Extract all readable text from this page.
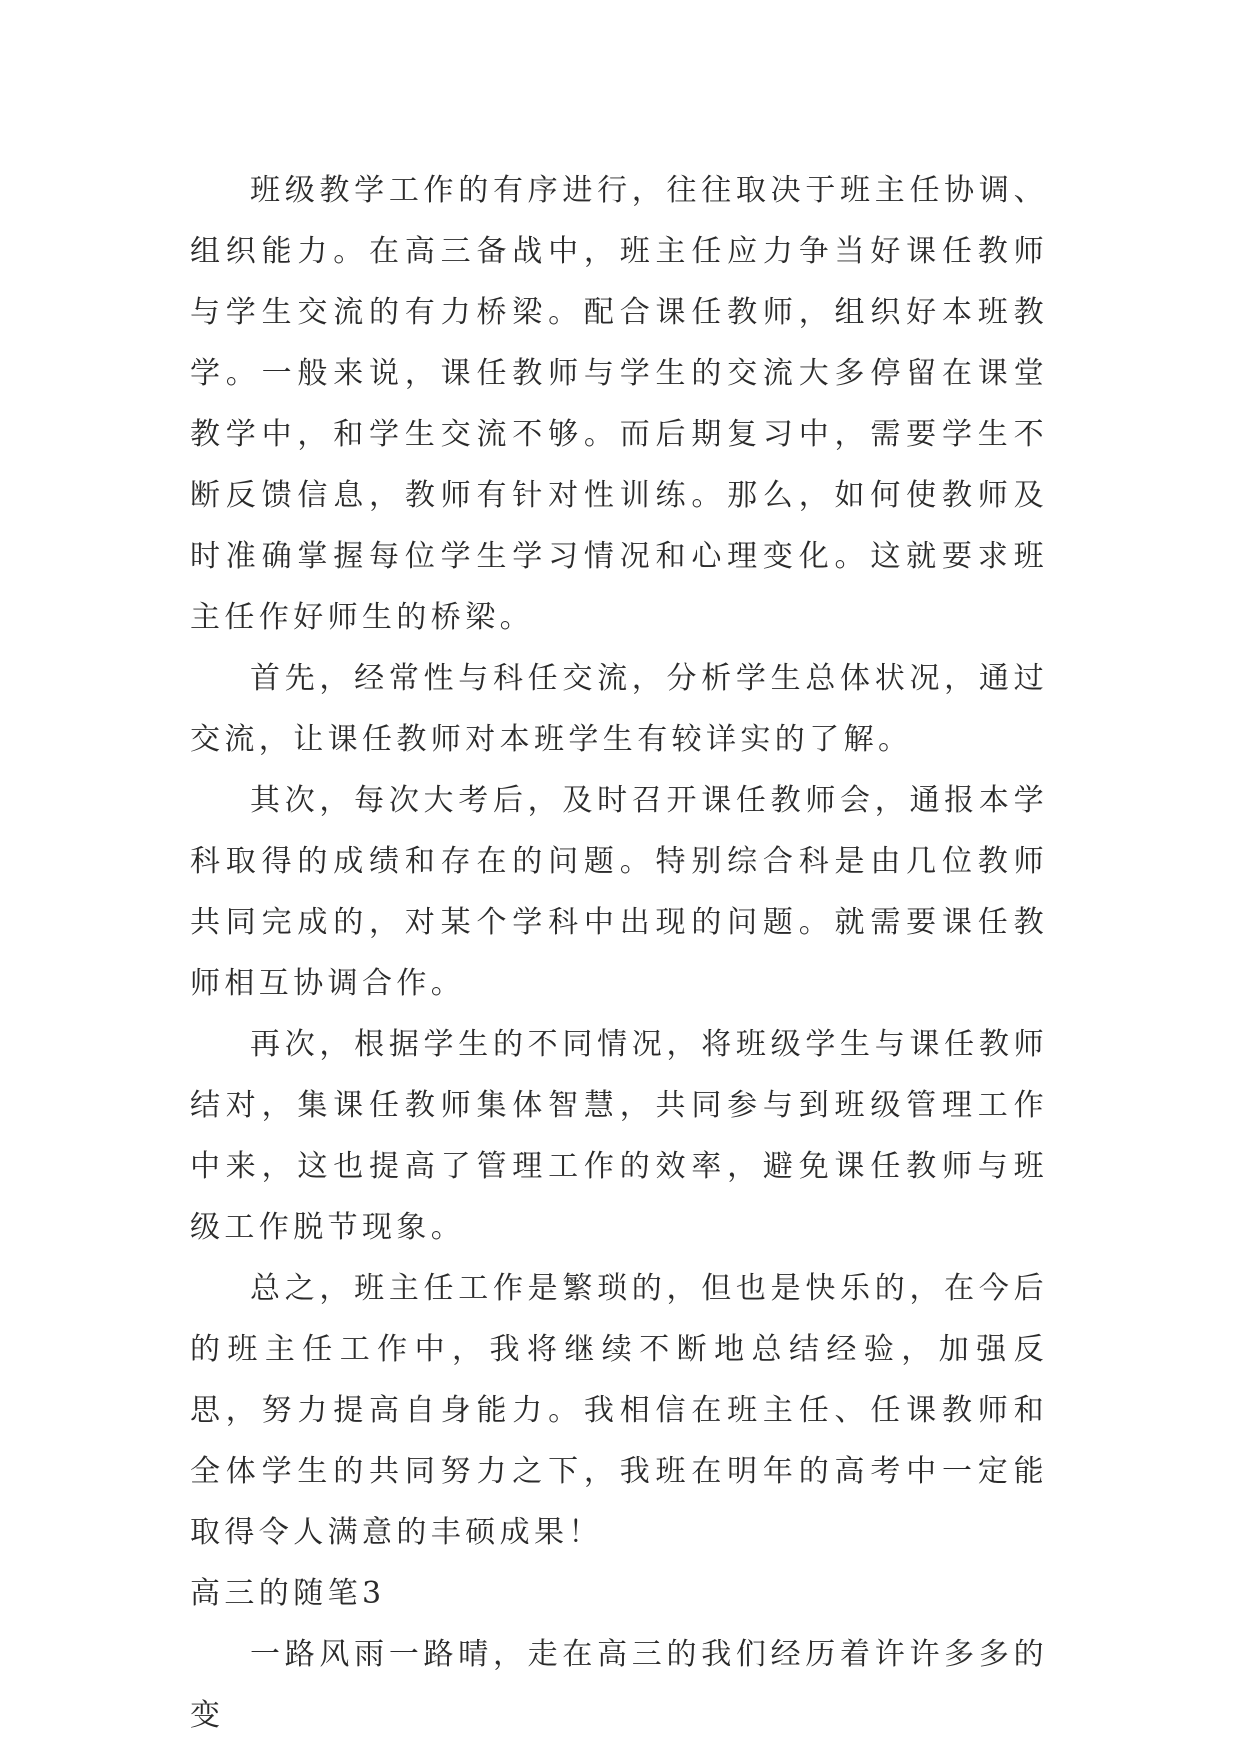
班级教学工作的有序进行，往往取决于班主任协调、组织能力。在高三备战中，班主任应力争当好课任教师与学生交流的有力桥梁。配合课任教师，组织好本班教学。一般来说，课任教师与学生的交流大多停留在课堂教学中，和学生交流不够。而后期复习中，需要学生不断反馈信息，教师有针对性训练。那么，如何使教师及时准确掌握每位学生学习情况和心理变化。这就要求班主任作好师生的桥梁。

首先，经常性与科任交流，分析学生总体状况，通过交流，让课任教师对本班学生有较详实的了解。

其次，每次大考后，及时召开课任教师会，通报本学科取得的成绩和存在的问题。特别综合科是由几位教师共同完成的，对某个学科中出现的问题。就需要课任教师相互协调合作。

再次，根据学生的不同情况，将班级学生与课任教师结对，集课任教师集体智慧，共同参与到班级管理工作中来，这也提高了管理工作的效率，避免课任教师与班级工作脱节现象。

总之，班主任工作是繁琐的，但也是快乐的，在今后的班主任工作中，我将继续不断地总结经验，加强反思，努力提高自身能力。我相信在班主任、任课教师和全体学生的共同努力之下，我班在明年的高考中一定能取得令人满意的丰硕成果！

高三的随笔3

一路风雨一路晴，走在高三的我们经历着许许多多的变
